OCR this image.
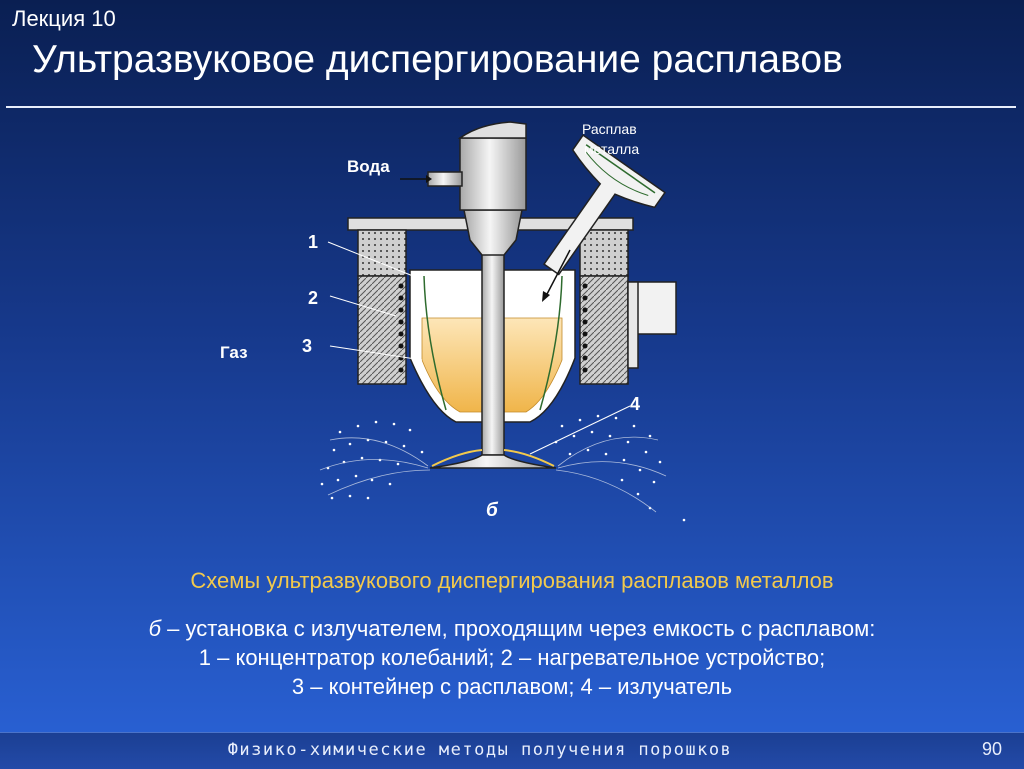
Лекция 10
Ультразвуковое диспергирование расплавов
Вода
Газ
Расплав
металла
1
2
3
4
б
Схемы ультразвукового диспергирования расплавов металлов
б – установка с излучателем, проходящим через емкость с расплавом:
1 – концентратор колебаний; 2 – нагревательное устройство;
3 – контейнер с расплавом; 4 – излучатель
Физико-химические методы получения порошков	90
